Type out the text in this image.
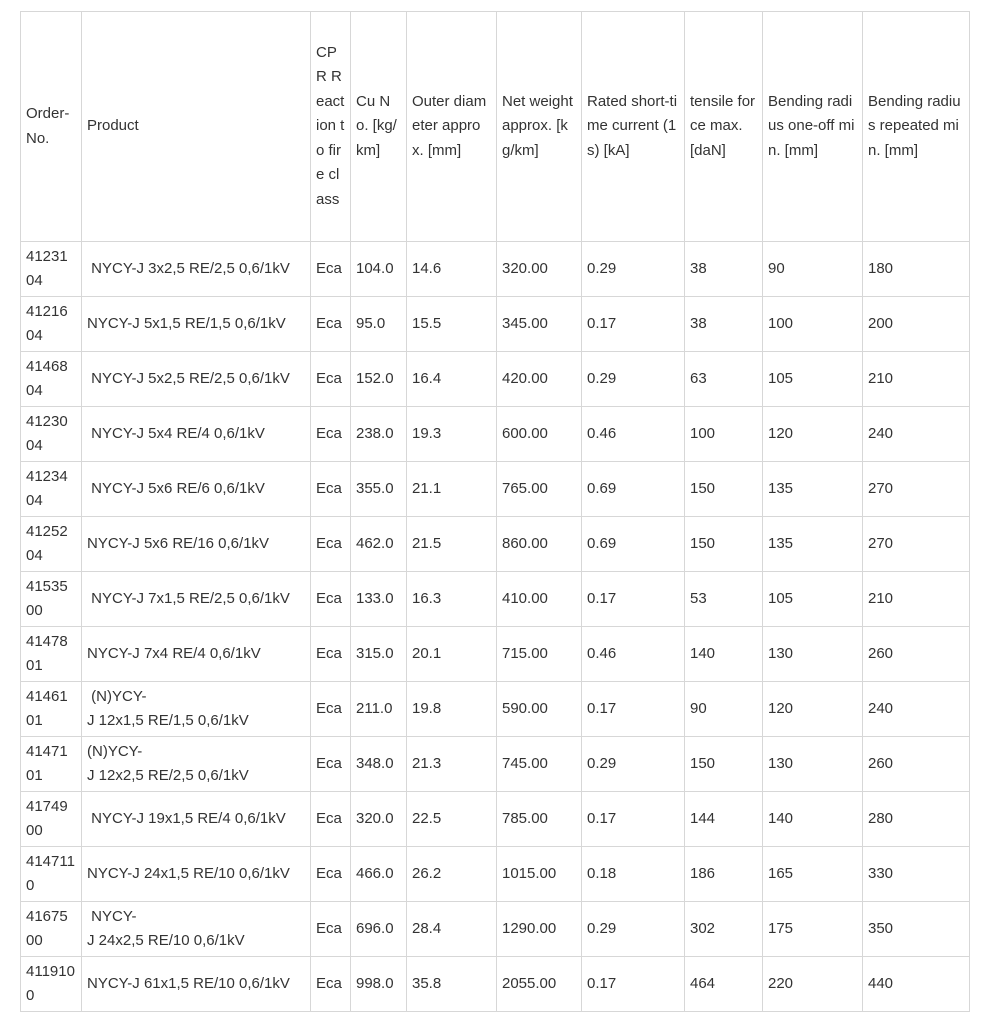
Order-No.	Product	CPR Reaction to fire class	Cu No. [kg/km]	Outer diameter approx. [mm]	Net weight approx. [kg/km]	Rated short-time current (1s) [kA]	tensile force max. [daN]	Bending radius one-off min. [mm]	Bending radius repeated min. [mm]
4123104	NYCY-J 3x2,5 RE/2,5 0,6/1kV	Eca	104.0	14.6	320.00	0.29	38	90	180
4121604	NYCY-J 5x1,5 RE/1,5 0,6/1kV	Eca	95.0	15.5	345.00	0.17	38	100	200
4146804	NYCY-J 5x2,5 RE/2,5 0,6/1kV	Eca	152.0	16.4	420.00	0.29	63	105	210
4123004	NYCY-J 5x4 RE/4 0,6/1kV	Eca	238.0	19.3	600.00	0.46	100	120	240
4123404	NYCY-J 5x6 RE/6 0,6/1kV	Eca	355.0	21.1	765.00	0.69	150	135	270
4125204	NYCY-J 5x6 RE/16 0,6/1kV	Eca	462.0	21.5	860.00	0.69	150	135	270
4153500	NYCY-J 7x1,5 RE/2,5 0,6/1kV	Eca	133.0	16.3	410.00	0.17	53	105	210
4147801	NYCY-J 7x4 RE/4 0,6/1kV	Eca	315.0	20.1	715.00	0.46	140	130	260
4146101	(N)YCY-
J 12x1,5 RE/1,5 0,6/1kV	Eca	211.0	19.8	590.00	0.17	90	120	240
4147101	(N)YCY-
J 12x2,5 RE/2,5 0,6/1kV	Eca	348.0	21.3	745.00	0.29	150	130	260
4174900	NYCY-J 19x1,5 RE/4 0,6/1kV	Eca	320.0	22.5	785.00	0.17	144	140	280
4147110	NYCY-J 24x1,5 RE/10 0,6/1kV	Eca	466.0	26.2	1015.00	0.18	186	165	330
4167500	NYCY-
J 24x2,5 RE/10 0,6/1kV	Eca	696.0	28.4	1290.00	0.29	302	175	350
4119100	NYCY-J 61x1,5 RE/10 0,6/1kV	Eca	998.0	35.8	2055.00	0.17	464	220	440
